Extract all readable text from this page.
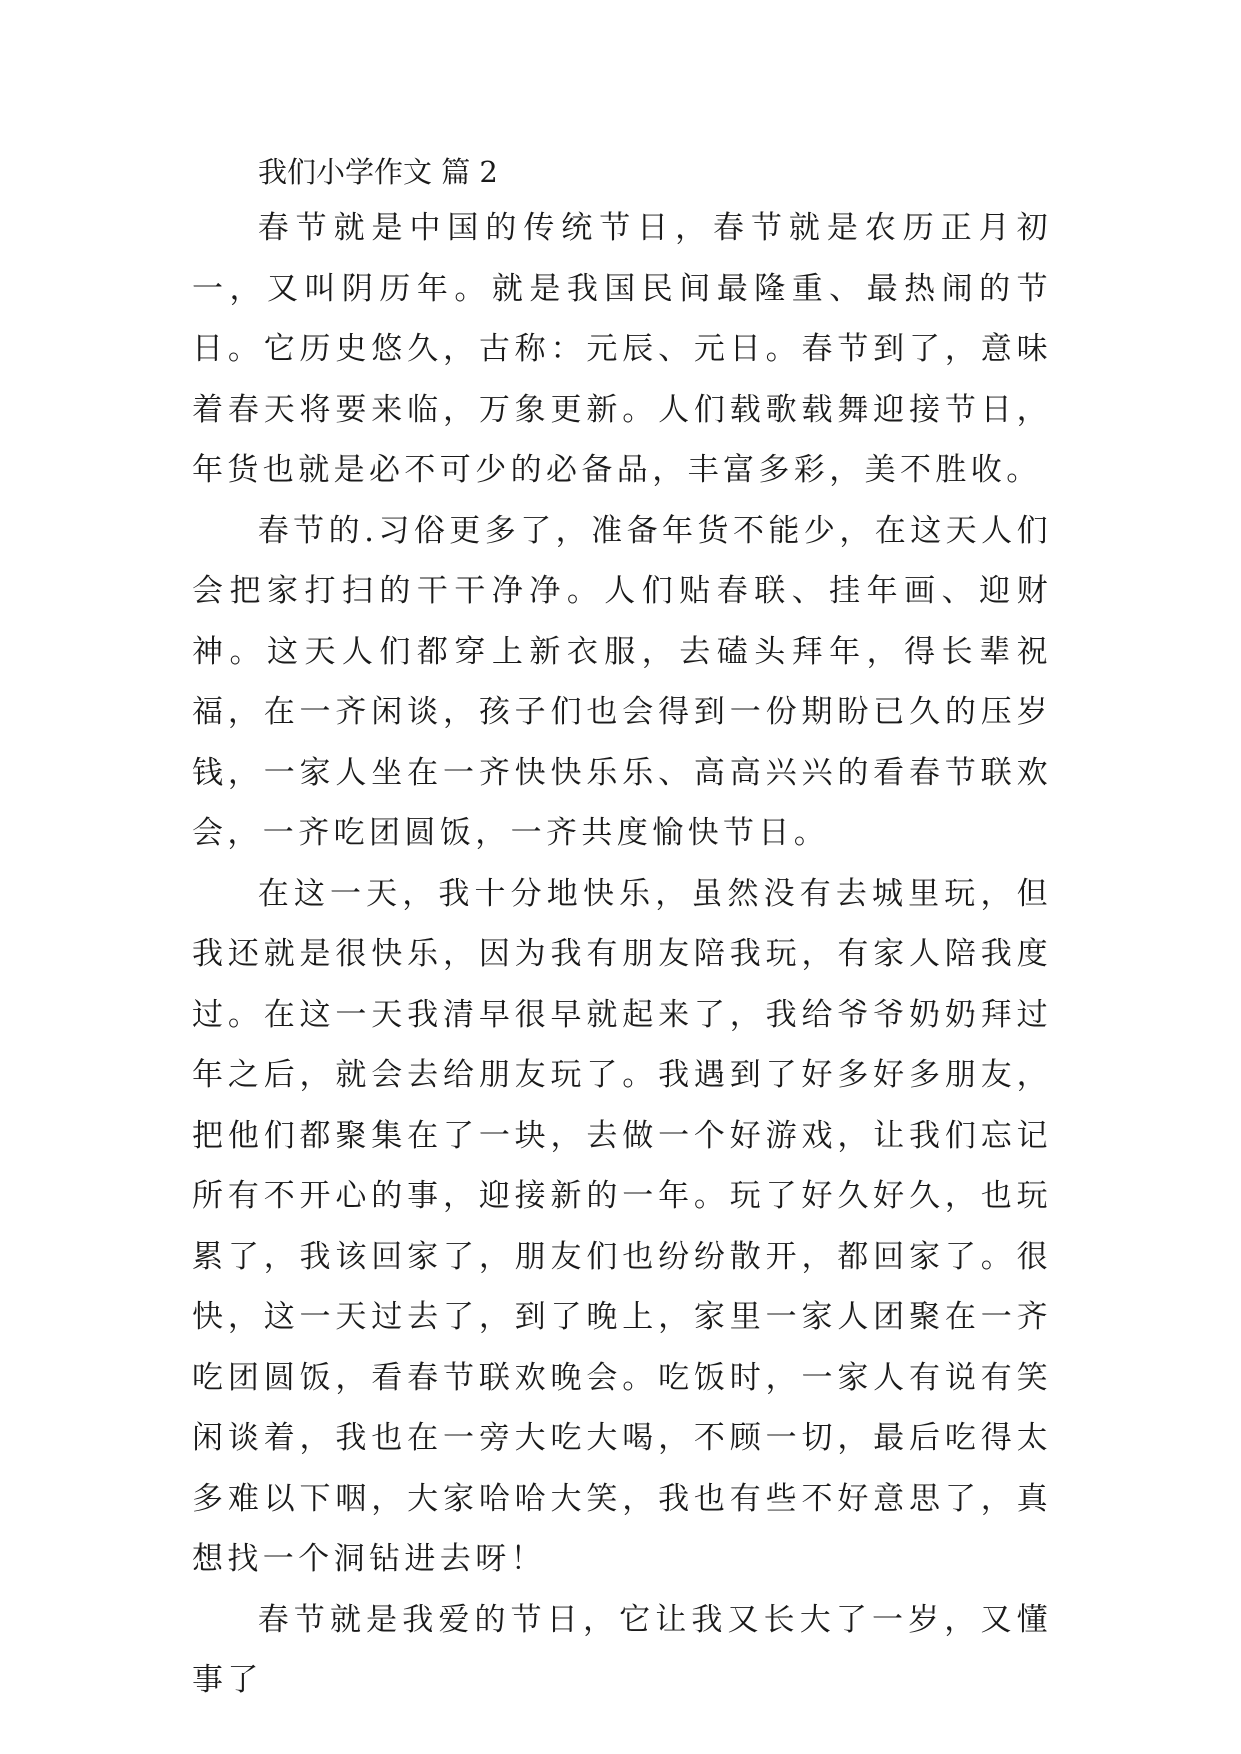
我们小学作文 篇 2

春节就是中国的传统节日，春节就是农历正月初一，又叫阴历年。就是我国民间最隆重、最热闹的节日。它历史悠久，古称：元辰、元日。春节到了，意味着春天将要来临，万象更新。人们载歌载舞迎接节日，年货也就是必不可少的必备品，丰富多彩，美不胜收。

春节的.习俗更多了，准备年货不能少，在这天人们会把家打扫的干干净净。人们贴春联、挂年画、迎财神。这天人们都穿上新衣服，去磕头拜年，得长辈祝福，在一齐闲谈，孩子们也会得到一份期盼已久的压岁钱，一家人坐在一齐快快乐乐、高高兴兴的看春节联欢会，一齐吃团圆饭，一齐共度愉快节日。

在这一天，我十分地快乐，虽然没有去城里玩，但我还就是很快乐，因为我有朋友陪我玩，有家人陪我度过。在这一天我清早很早就起来了，我给爷爷奶奶拜过年之后，就会去给朋友玩了。我遇到了好多好多朋友，把他们都聚集在了一块，去做一个好游戏，让我们忘记所有不开心的事，迎接新的一年。玩了好久好久，也玩累了，我该回家了，朋友们也纷纷散开，都回家了。很快，这一天过去了，到了晚上，家里一家人团聚在一齐吃团圆饭，看春节联欢晚会。吃饭时，一家人有说有笑闲谈着，我也在一旁大吃大喝，不顾一切，最后吃得太多难以下咽，大家哈哈大笑，我也有些不好意思了，真想找一个洞钻进去呀！

春节就是我爱的节日，它让我又长大了一岁，又懂事了
